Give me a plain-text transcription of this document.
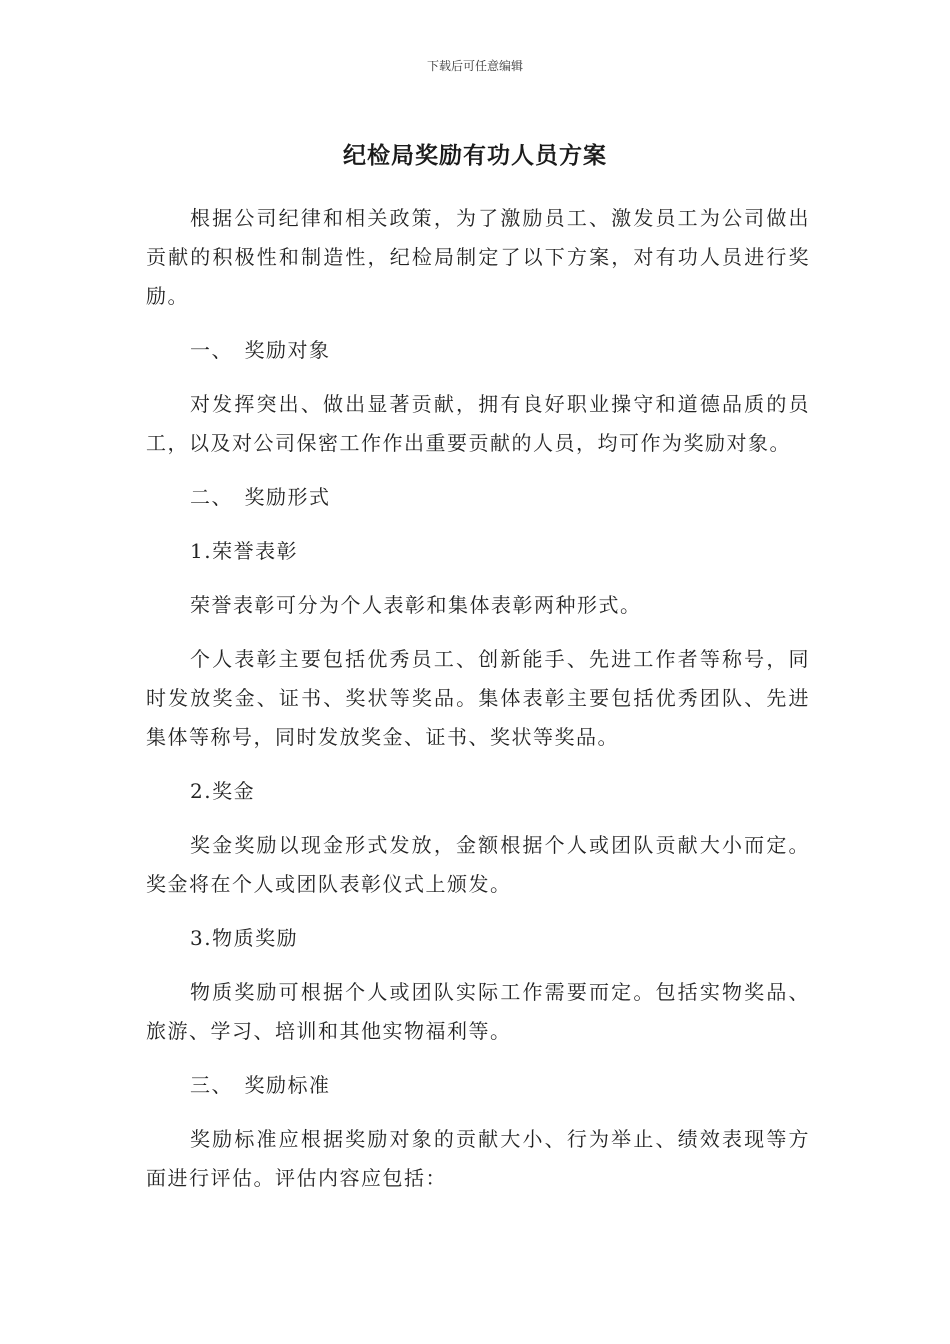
下载后可任意编辑
纪检局奖励有功人员方案

根据公司纪律和相关政策，为了激励员工、激发员工为公司做出贡献的积极性和制造性，纪检局制定了以下方案，对有功人员进行奖励。

一、　奖励对象

对发挥突出、做出显著贡献，拥有良好职业操守和道德品质的员工，以及对公司保密工作作出重要贡献的人员，均可作为奖励对象。

二、　奖励形式

1.荣誉表彰

荣誉表彰可分为个人表彰和集体表彰两种形式。

个人表彰主要包括优秀员工、创新能手、先进工作者等称号，同时发放奖金、证书、奖状等奖品。集体表彰主要包括优秀团队、先进集体等称号，同时发放奖金、证书、奖状等奖品。

2.奖金

奖金奖励以现金形式发放，金额根据个人或团队贡献大小而定。奖金将在个人或团队表彰仪式上颁发。

3.物质奖励

物质奖励可根据个人或团队实际工作需要而定。包括实物奖品、旅游、学习、培训和其他实物福利等。

三、　奖励标准

奖励标准应根据奖励对象的贡献大小、行为举止、绩效表现等方面进行评估。评估内容应包括：
